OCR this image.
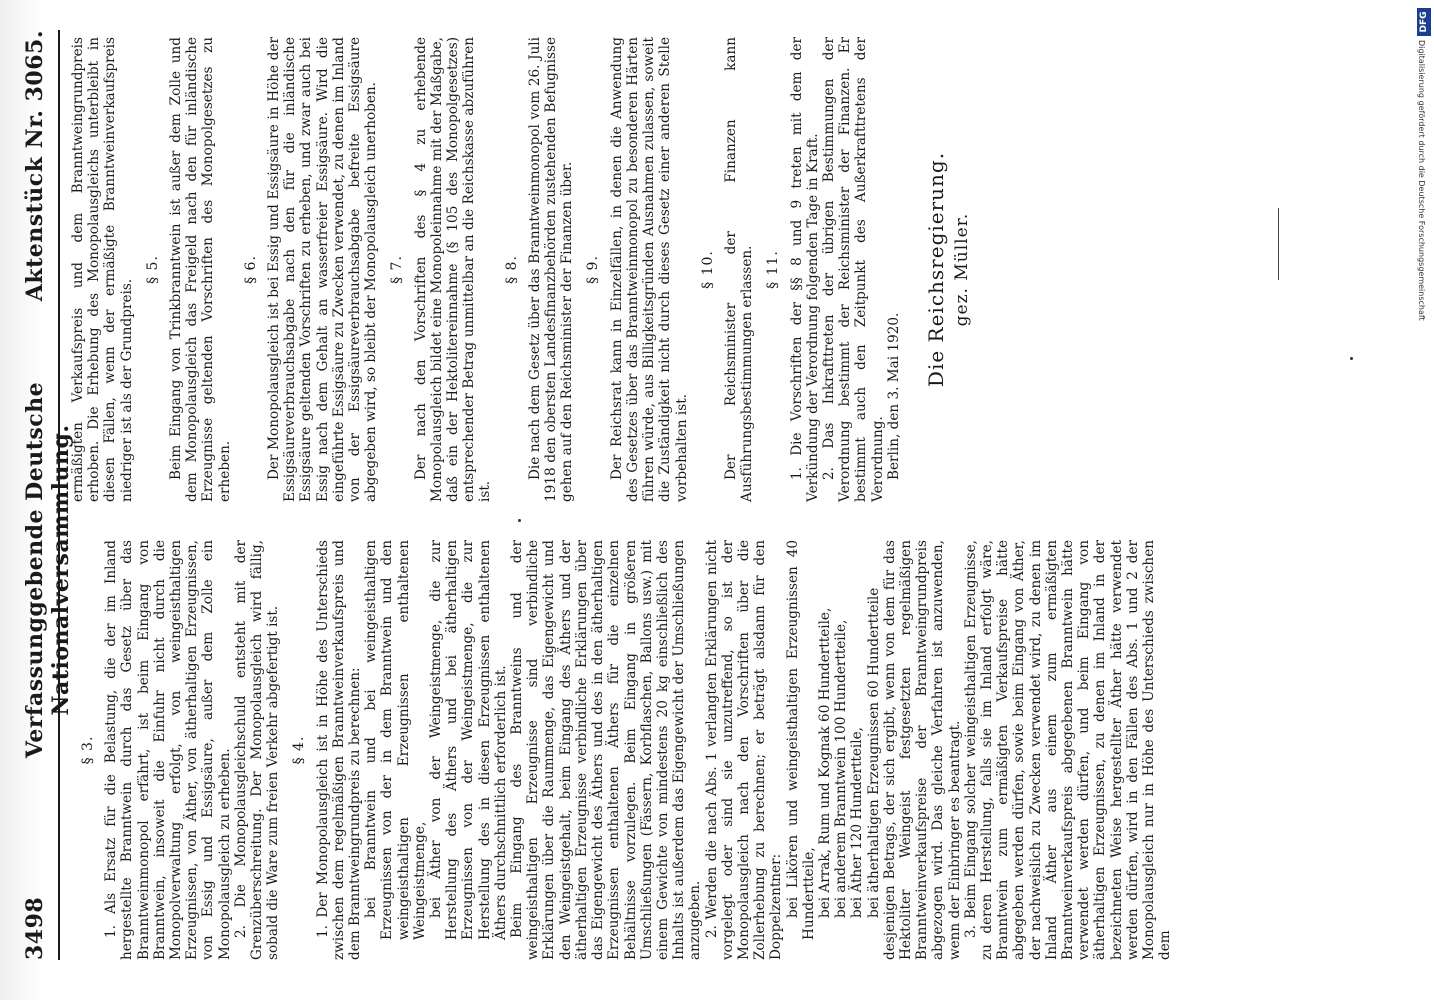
3498
Verfassunggebende Deutsche Nationalversammlung.
Aktenstück Nr. 3065.
§ 3. 1. Als Ersatz für die Belastung, die der im Inland hergestellte Branntwein durch das Gesetz über das Branntweinmonopol erfährt, ist beim Eingang von Branntwein, insoweit die Einfuhr nicht durch die Monopolverwaltung erfolgt, von weingeisthaltigen Erzeugnissen, von Äther, von ätherhaltigen Erzeugnissen, von Essig und Essigsäure, außer dem Zolle ein Monopolausgleich zu erheben. 2. Die Monopolausgleichschuld entsteht mit der Grenzüberschreitung. Der Monopolausgleich wird fällig, sobald die Ware zum freien Verkehr abgefertigt ist. § 4. 1. Der Monopolausgleich ist in Höhe des Unterschieds zwischen dem regelmäßigen Branntweinverkaufspreis und dem Branntweingrundpreis zu berechnen: bei Branntwein und bei weingeisthaltigen Erzeugnissen von der in dem Branntwein und den weingeisthaltigen Erzeugnissen enthaltenen Weingeistmenge, bei Äther von der Weingeistmenge, die zur Herstellung des Äthers und bei ätherhaltigen Erzeugnissen von der Weingeistmenge, die zur Herstellung des in diesen Erzeugnissen enthaltenen Äthers durchschnittlich erforderlich ist. Beim Eingang des Branntweins und der weingeisthaltigen Erzeugnisse sind verbindliche Erklärungen über die Raummenge, das Eigengewicht und den Weingeistgehalt, beim Eingang des Äthers und der ätherhaltigen Erzeugnisse verbindliche Erklärungen über das Eigengewicht des Äthers und des in den ätherhaltigen Erzeugnissen enthaltenen Äthers für die einzelnen Behältnisse vorzulegen. Beim Eingang in größeren Umschließungen (Fässern, Korbflaschen, Ballons usw.) mit einem Gewichte von mindestens 20 kg einschließlich des Inhalts ist außerdem das Eigengewicht der Umschließungen anzugeben. 2. Werden die nach Abs. 1 verlangten Erklärungen nicht vorgelegt oder sind sie unzutreffend, so ist der Monopolausgleich nach den Vorschriften über die Zollerhebung zu berechnen; er beträgt alsdann für den Doppelzentner: bei Likören und weingeisthaltigen Erzeugnissen 40 Hundertteile, bei Arrak, Rum und Kognak 60 Hundertteile, bei anderem Branntwein 100 Hundertteile, bei Äther 120 Hundertteile, bei ätherhaltigen Erzeugnissen 60 Hundertteile desjenigen Betrags, der sich ergibt, wenn von dem für das Hektoliter Weingeist festgesetzten regelmäßigen Branntweinverkaufspreise der Branntweingrundpreis abgezogen wird. Das gleiche Verfahren ist anzuwenden, wenn der Einbringer es beantragt. 3. Beim Eingang solcher weingeisthaltigen Erzeugnisse, zu deren Herstellung, falls sie im Inland erfolgt wäre, Branntwein zum ermäßigten Verkaufspreise hätte abgegeben werden dürfen, sowie beim Eingang von Äther, der nachweislich zu Zwecken verwendet wird, zu denen im Inland Äther aus einem zum ermäßigten Branntweinverkaufspreis abgegebenen Branntwein hätte verwendet werden dürfen, und beim Eingang von ätherhaltigen Erzeugnissen, zu denen im Inland in der bezeichneten Weise hergestellter Äther hätte verwendet werden dürfen, wird in den Fällen des Abs. 1 und 2 der Monopolausgleich nur in Höhe des Unterschieds zwischen dem

ermäßigten Verkaufspreis und dem Branntweingrundpreis erhoben. Die Erhebung des Monopolausgleichs unterbleibt in diesen Fällen, wenn der ermäßigte Branntweinverkaufspreis niedriger ist als der Grundpreis.

§ 5. Beim Eingang von Trinkbranntwein ist außer dem Zolle und dem Monopolausgleich das Freigeld nach den für inländische Erzeugnisse geltenden Vorschriften des Monopolgesetzes zu erheben.

§ 6. Der Monopolausgleich ist bei Essig und Essigsäure in Höhe der Essigsäureverbrauchsabgabe nach den für die inländische Essigsäure geltenden Vorschriften zu erheben, und zwar auch bei Essig nach dem Gehalt an wasserfreier Essigsäure. Wird die eingeführte Essigsäure zu Zwecken verwendet, zu denen im Inland von der Essigsäureverbrauchsabgabe befreite Essigsäure abgegeben wird, so bleibt der Monopolausgleich unerhoben. § 7. Der nach den Vorschriften des § 4 zu erhebende Monopolausgleich bildet eine Monopoleinnahme mit der Maßgabe, daß ein der Hektolitereinnahme (§ 105 des Monopolgesetzes) entsprechender Betrag unmittelbar an die Reichskasse abzuführen ist.

§ 8. Die nach dem Gesetz über das Branntweinmonopol vom 26. Juli 1918 den obersten Landesfinanzbehörden zustehenden Befugnisse gehen auf den Reichsminister der Finanzen über. § 9. Der Reichsrat kann in Einzelfällen, in denen die Anwendung des Gesetzes über das Branntweinmonopol zu besonderen Härten führen würde, aus Billigkeitsgründen Ausnahmen zulassen, soweit die Zuständigkeit nicht durch dieses Gesetz einer anderen Stelle vorbehalten ist.

§ 10. Der Reichsminister der Finanzen kann Ausführungsbestimmungen erlassen. § 11. 1. Die Vorschriften der §§ 8 und 9 treten mit dem der Verkündung der Verordnung folgenden Tage in Kraft. 2. Das Inkrafttreten der übrigen Bestimmungen der Verordnung bestimmt der Reichsminister der Finanzen. Er bestimmt auch den Zeitpunkt des Außerkrafttretens der Verordnung. Berlin, den 3. Mai 1920.

Die Reichsregierung. gez. Müller.
DFG
Digitalisierung gefördert durch die Deutsche Forschungsgemeinschaft
